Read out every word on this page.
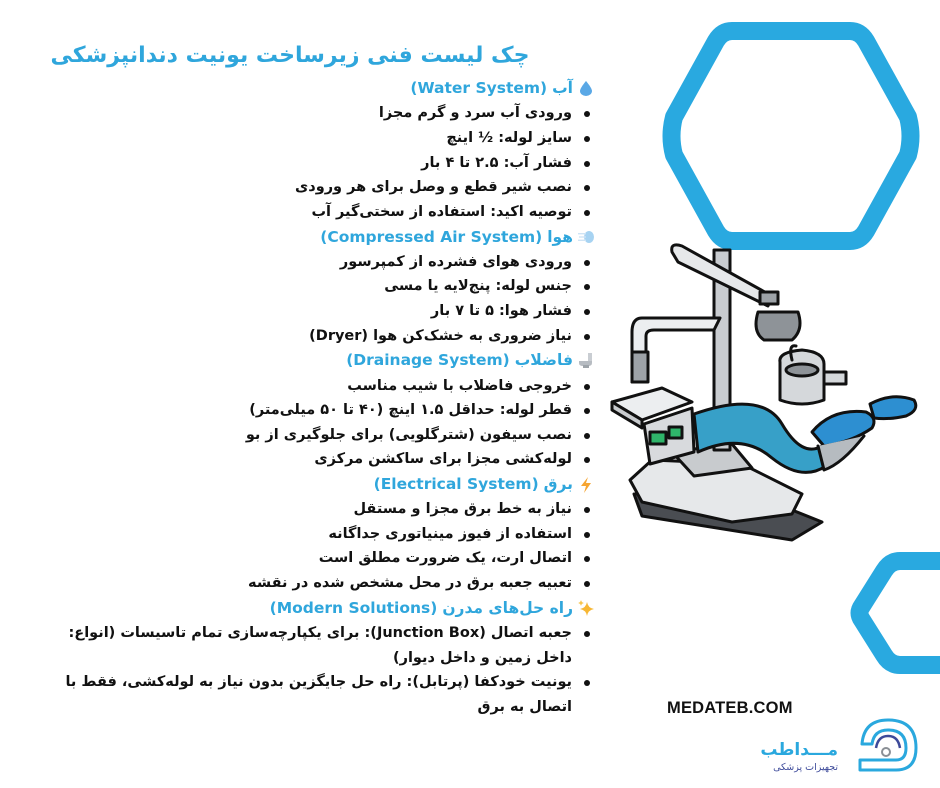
چک لیست فنی زیرساخت یونیت دندانپزشکی
آب
(Water System)
ورودی آب سرد و گرم مجزا
سایز لوله: ½ اینچ
فشار آب: ۲.۵ تا ۴ بار
نصب شیر قطع و وصل برای هر ورودی
توصیه اکید: استفاده از سختی‌گیر آب
هوا
(Compressed Air System)
ورودی هوای فشرده از کمپرسور
جنس لوله: پنج‌لایه یا مسی
فشار هوا: ۵ تا ۷ بار
نیاز ضروری به خشک‌کن هوا (Dryer)
فاضلاب
(Drainage System)
خروجی فاضلاب با شیب مناسب
قطر لوله: حداقل ۱.۵ اینچ (۴۰ تا ۵۰ میلی‌متر)
نصب سیفون (شترگلویی) برای جلوگیری از بو
لوله‌کشی مجزا برای ساکشن مرکزی
برق
(Electrical System)
نیاز به خط برق مجزا و مستقل
استفاده از فیوز مینیاتوری جداگانه
اتصال ارت، یک ضرورت مطلق است
تعبیه جعبه برق در محل مشخص شده در نقشه
راه حل‌های مدرن
(Modern Solutions)
جعبه اتصال (Junction Box): برای یکپارچه‌سازی تمام تاسیسات (انواع: داخل زمین و داخل دیوار)
یونیت خودکفا (پرتابل): راه حل جایگزین بدون نیاز به لوله‌کشی، فقط با اتصال به برق	MEDATEB.COM
مـــداطب
تجهیزات پزشکی
